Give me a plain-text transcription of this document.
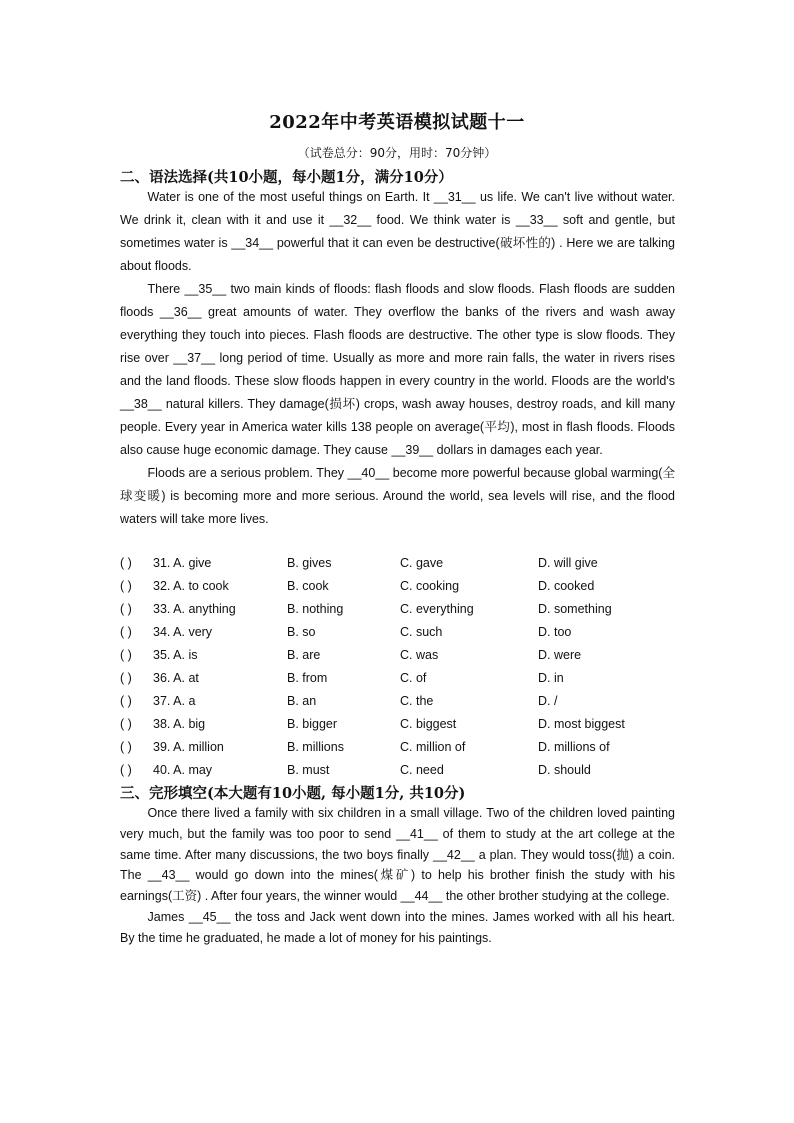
2022年中考英语模拟试题十一
（试卷总分：90分，用时：70分钟）
二、语法选择(共10小题，每小题1分，满分10分）

Water is one of the most useful things on Earth. It __31__ us life. We can't live without water. We drink it, clean with it and use it __32__ food. We think water is __33__ soft and gentle, but sometimes water is __34__ powerful that it can even be destructive(破坏性的) . Here we are talking about floods.

There __35__ two main kinds of floods: flash floods and slow floods. Flash floods are sudden floods __36__ great amounts of water. They overflow the banks of the rivers and wash away everything they touch into pieces. Flash floods are destructive. The other type is slow floods. They rise over __37__ long period of time. Usually as more and more rain falls, the water in rivers rises and the land floods. These slow floods happen in every country in the world. Floods are the world's __38__ natural killers. They damage(损坏) crops, wash away houses, destroy roads, and kill many people. Every year in America water kills 138 people on average(平均), most in flash floods. Floods also cause huge economic damage. They cause __39__ dollars in damages each year.

Floods are a serious problem. They __40__ become more powerful because global warming(全球变暖) is becoming more and more serious. Around the world, sea levels will rise, and the flood waters will take more lives.

( ) 31. A. give	B. gives	C. gave	D. will give
( ) 32. A. to cook	B. cook	C. cooking	D. cooked
( ) 33. A. anything	B. nothing	C. everything	D. something
( ) 34. A. very	B. so	C. such	D. too
( ) 35. A. is	B. are	C. was	D. were
( ) 36. A. at	B. from	C. of	D. in
( ) 37. A. a	B. an	C. the	D. /
( ) 38. A. big	B. bigger	C. biggest	D. most biggest
( ) 39. A. million	B. millions	C. million of	D. millions of
( ) 40. A. may	B. must	C. need	D. should
三、完形填空(本大题有10小题, 每小题1分, 共10分)

Once there lived a family with six children in a small village. Two of the children loved painting very much, but the family was too poor to send __41__ of them to study at the art college at the same time. After many discussions, the two boys finally __42__ a plan. They would toss(抛) a coin. The __43__ would go down into the mines(煤矿) to help his brother finish the study with his earnings(工资) . After four years, the winner would __44__ the other brother studying at the college.

James __45__ the toss and Jack went down into the mines. James worked with all his heart. By the time he graduated, he made a lot of money for his paintings.
